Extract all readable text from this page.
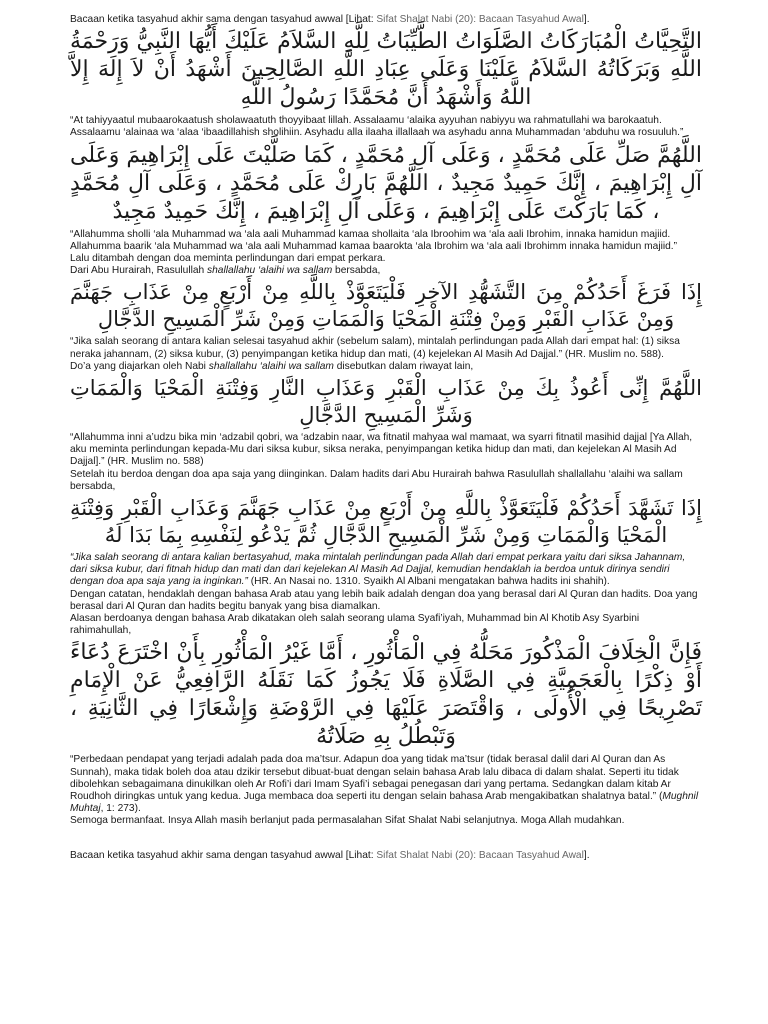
Bacaan ketika tasyahud akhir sama dengan tasyahud awwal [Lihat: Sifat Shalat Nabi (20): Bacaan Tasyahud Awal].

التَّحِيَّاتُ الْمُبَارَكَاتُ الصَّلَوَاتُ الطَّيِّبَاتُ لِلَّهِ السَّلاَمُ عَلَيْكَ أَيُّهَا النَّبِيُّ وَرَحْمَةُ اللَّهِ وَبَرَكَاتُهُ السَّلاَمُ عَلَيْنَا وَعَلَى عِبَادِ اللَّهِ الصَّالِحِينَ أَشْهَدُ أَنْ لاَ إِلَهَ إِلاَّ اللَّهُ وَأَشْهَدُ أَنَّ مُحَمَّدًا رَسُولُ اللَّهِ

“At tahiyyaatul mubaarokaatush sholawaatuth thoyyibaat lillah. Assalaamu ‘alaika ayyuhan nabiyyu wa rahmatullahi wa barokaatuh. Assalaamu ‘alainaa wa ‘alaa ‘ibaadillahish sholihiin. Asyhadu alla ilaaha illallaah wa asyhadu anna Muhammadan ‘abduhu wa rosuuluh.”

اللَّهُمَّ صَلِّ عَلَى مُحَمَّدٍ ، وَعَلَى آلِ مُحَمَّدٍ ، كَمَا صَلَّيْتَ عَلَى إِبْرَاهِيمَ وَعَلَى آلِ إِبْرَاهِيمَ ، إِنَّكَ حَمِيدٌ مَجِيدٌ ، اللَّهُمَّ بَارِكْ عَلَى مُحَمَّدٍ ، وَعَلَى آلِ مُحَمَّدٍ ، كَمَا بَارَكْتَ عَلَى إِبْرَاهِيمَ ، وَعَلَى آلِ إِبْرَاهِيمَ ، إِنَّكَ حَمِيدٌ مَجِيدٌ

“Allahumma sholli ‘ala Muhammad wa ‘ala aali Muhammad kamaa shollaita ‘ala Ibroohim wa ‘ala aali Ibrohim, innaka hamidun majiid. Allahumma baarik ‘ala Muhammad wa ‘ala aali Muhammad kamaa baarokta ‘ala Ibrohim wa ‘ala aali Ibrohimm innaka hamidun majiid.”

Lalu ditambah dengan doa meminta perlindungan dari empat perkara.

Dari Abu Hurairah, Rasulullah shallallahu ‘alaihi wa sallam bersabda,

إِذَا فَرَغَ أَحَدُكُمْ مِنَ التَّشَهُّدِ الآخِرِ فَلْيَتَعَوَّذْ بِاللَّهِ مِنْ أَرْبَعٍ مِنْ عَذَابِ جَهَنَّمَ وَمِنْ عَذَابِ الْقَبْرِ وَمِنْ فِتْنَةِ الْمَحْيَا وَالْمَمَاتِ وَمِنْ شَرِّ الْمَسِيحِ الدَّجَّالِ

“Jika salah seorang di antara kalian selesai tasyahud akhir (sebelum salam), mintalah perlindungan pada Allah dari empat hal: (1) siksa neraka jahannam, (2) siksa kubur, (3) penyimpangan ketika hidup dan mati, (4) kejelekan Al Masih Ad Dajjal.” (HR. Muslim no. 588).

Do’a yang diajarkan oleh Nabi shallallahu ‘alaihi wa sallam disebutkan dalam riwayat lain,

اللَّهُمَّ إِنِّى أَعُوذُ بِكَ مِنْ عَذَابِ الْقَبْرِ وَعَذَابِ النَّارِ وَفِتْنَةِ الْمَحْيَا وَالْمَمَاتِ وَشَرِّ الْمَسِيحِ الدَّجَّالِ

“Allahumma inni a’udzu bika min ‘adzabil qobri, wa ‘adzabin naar, wa fitnatil mahyaa wal mamaat, wa syarri fitnatil masihid dajjal [Ya Allah, aku meminta perlindungan kepada-Mu dari siksa kubur, siksa neraka, penyimpangan ketika hidup dan mati, dan kejelekan Al Masih Ad Dajjal].” (HR. Muslim no. 588)

Setelah itu berdoa dengan doa apa saja yang diinginkan. Dalam hadits dari Abu Hurairah bahwa Rasulullah shallallahu ‘alaihi wa sallam bersabda,

إِذَا تَشَهَّدَ أَحَدُكُمْ فَلْيَتَعَوَّذْ بِاللَّهِ مِنْ أَرْبَعٍ مِنْ عَذَابِ جَهَنَّمَ وَعَذَابِ الْقَبْرِ وَفِتْنَةِ الْمَحْيَا وَالْمَمَاتِ وَمِنْ شَرِّ الْمَسِيحِ الدَّجَّالِ ثُمَّ يَدْعُو لِنَفْسِهِ بِمَا بَدَا لَهُ

“Jika salah seorang di antara kalian bertasyahud, maka mintalah perlindungan pada Allah dari empat perkara yaitu dari siksa Jahannam, dari siksa kubur, dari fitnah hidup dan mati dan dari kejelekan Al Masih Ad Dajjal, kemudian hendaklah ia berdoa untuk dirinya sendiri dengan doa apa saja yang ia inginkan.” (HR. An Nasai no. 1310. Syaikh Al Albani mengatakan bahwa hadits ini shahih).

Dengan catatan, hendaklah dengan bahasa Arab atau yang lebih baik adalah dengan doa yang berasal dari Al Quran dan hadits. Doa yang berasal dari Al Quran dan hadits begitu banyak yang bisa diamalkan.

Alasan berdoanya dengan bahasa Arab dikatakan oleh salah seorang ulama Syafi’iyah, Muhammad bin Al Khotib Asy Syarbini rahimahullah,

فَإِنَّ الْخِلَافَ الْمَذْكُورَ مَحَلُّهُ فِي الْمَأْثُورِ ، أَمَّا غَيْرُ الْمَأْثُورِ بِأَنْ اخْتَرَعَ دُعَاءً أَوْ ذِكْرًا بِالْعَجَمِيَّةِ فِي الصَّلَاةِ فَلَا يَجُوزُ كَمَا نَقَلَهُ الرَّافِعِيُّ عَنْ الْإِمَامِ تَصْرِيحًا فِي الْأُولَى ، وَاقْتَصَرَ عَلَيْهَا فِي الرَّوْضَةِ وَإِشْعَارًا فِي الثَّانِيَةِ ، وَتَبْطُلُ بِهِ صَلَاتُهُ

“Perbedaan pendapat yang terjadi adalah pada doa ma’tsur. Adapun doa yang tidak ma’tsur (tidak berasal dalil dari Al Quran dan As Sunnah), maka tidak boleh doa atau dzikir tersebut dibuat-buat dengan selain bahasa Arab lalu dibaca di dalam shalat. Seperti itu tidak dibolehkan sebagaimana dinukilkan oleh Ar Rofi’i dari Imam Syafi’i sebagai penegasan dari yang pertama. Sedangkan dalam kitab Ar Roudhoh diringkas untuk yang kedua. Juga membaca doa seperti itu dengan selain bahasa Arab mengakibatkan shalatnya batal.” (Mughnil Muhtaj, 1: 273).

Semoga bermanfaat. Insya Allah masih berlanjut pada permasalahan Sifat Shalat Nabi selanjutnya. Moga Allah mudahkan.

Bacaan ketika tasyahud akhir sama dengan tasyahud awwal [Lihat: Sifat Shalat Nabi (20): Bacaan Tasyahud Awal].
